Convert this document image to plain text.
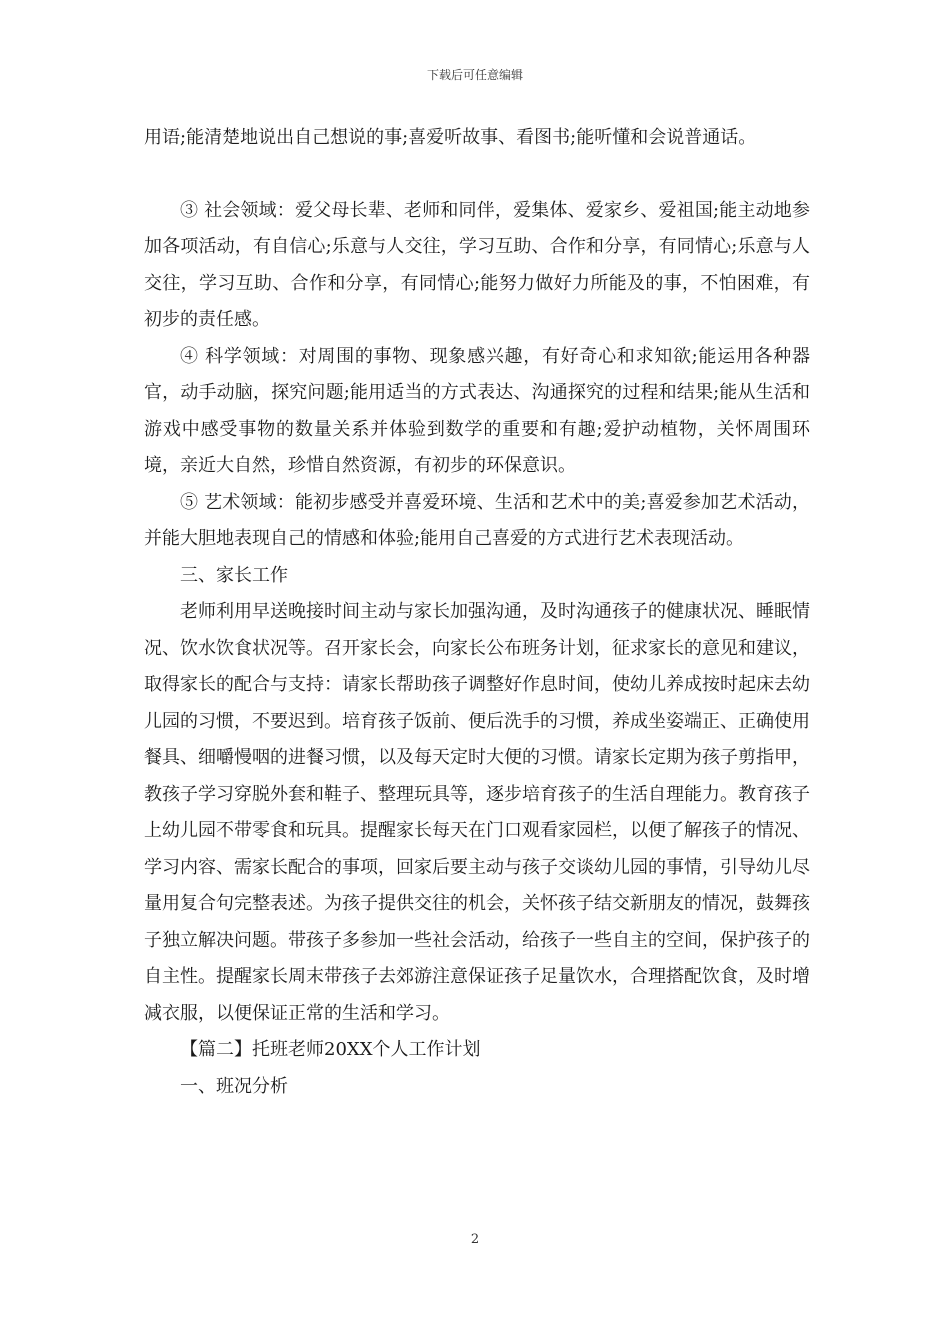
下载后可任意编辑

用语;能清楚地说出自己想说的事;喜爱听故事、看图书;能听懂和会说普通话。

③ 社会领域：爱父母长辈、老师和同伴，爱集体、爱家乡、爱祖国;能主动地参加各项活动，有自信心;乐意与人交往，学习互助、合作和分享，有同情心;乐意与人交往，学习互助、合作和分享，有同情心;能努力做好力所能及的事，不怕困难，有初步的责任感。

④ 科学领域：对周围的事物、现象感兴趣，有好奇心和求知欲;能运用各种器官，动手动脑，探究问题;能用适当的方式表达、沟通探究的过程和结果;能从生活和游戏中感受事物的数量关系并体验到数学的重要和有趣;爱护动植物，关怀周围环境，亲近大自然，珍惜自然资源，有初步的环保意识。

⑤ 艺术领域：能初步感受并喜爱环境、生活和艺术中的美;喜爱参加艺术活动，并能大胆地表现自己的情感和体验;能用自己喜爱的方式进行艺术表现活动。

三、家长工作

老师利用早送晚接时间主动与家长加强沟通，及时沟通孩子的健康状况、睡眠情况、饮水饮食状况等。召开家长会，向家长公布班务计划，征求家长的意见和建议，取得家长的配合与支持：请家长帮助孩子调整好作息时间，使幼儿养成按时起床去幼儿园的习惯，不要迟到。培育孩子饭前、便后洗手的习惯，养成坐姿端正、正确使用餐具、细嚼慢咽的进餐习惯，以及每天定时大便的习惯。请家长定期为孩子剪指甲，教孩子学习穿脱外套和鞋子、整理玩具等，逐步培育孩子的生活自理能力。教育孩子上幼儿园不带零食和玩具。提醒家长每天在门口观看家园栏，以便了解孩子的情况、学习内容、需家长配合的事项，回家后要主动与孩子交谈幼儿园的事情，引导幼儿尽量用复合句完整表述。为孩子提供交往的机会，关怀孩子结交新朋友的情况，鼓舞孩子独立解决问题。带孩子多参加一些社会活动，给孩子一些自主的空间，保护孩子的自主性。提醒家长周末带孩子去郊游注意保证孩子足量饮水，合理搭配饮食，及时增减衣服，以便保证正常的生活和学习。

【篇二】托班老师20XX个人工作计划

一、班况分析

2
